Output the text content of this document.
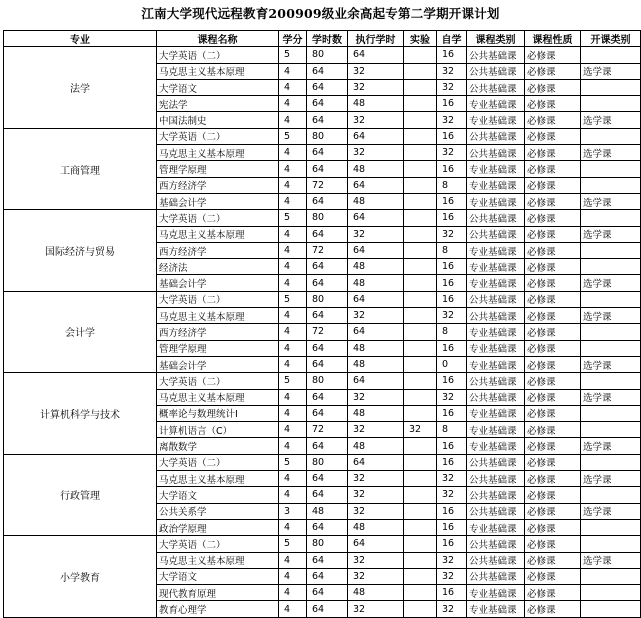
江南大学现代远程教育200909级业余高起专第二学期开课计划
专业	课程名称	学分	学时数	执行学时	实验	自学	课程类别	课程性质	开课类别
法学	大学英语（二）	5	80	64		16	公共基础课	必修课	
	马克思主义基本原理	4	64	32		32	公共基础课	必修课	选学课
	大学语文	4	64	32		32	公共基础课	必修课	
	宪法学	4	64	48		16	专业基础课	必修课	
	中国法制史	4	64	32		32	专业基础课	必修课	选学课
工商管理	大学英语（二）	5	80	64		16	公共基础课	必修课	
	马克思主义基本原理	4	64	32		32	公共基础课	必修课	选学课
	管理学原理	4	64	48		16	专业基础课	必修课	
	西方经济学	4	72	64		8	专业基础课	必修课	
	基础会计学	4	64	48		16	专业基础课	必修课	选学课
国际经济与贸易	大学英语（二）	5	80	64		16	公共基础课	必修课	
	马克思主义基本原理	4	64	32		32	公共基础课	必修课	选学课
	西方经济学	4	72	64		8	专业基础课	必修课	
	经济法	4	64	48		16	专业基础课	必修课	
	基础会计学	4	64	48		16	专业基础课	必修课	选学课
会计学	大学英语（二）	5	80	64		16	公共基础课	必修课	
	马克思主义基本原理	4	64	32		32	公共基础课	必修课	选学课
	西方经济学	4	72	64		8	专业基础课	必修课	
	管理学原理	4	64	48		16	专业基础课	必修课	
	基础会计学	4	64	48		0	专业基础课	必修课	选学课
计算机科学与技术	大学英语（二）	5	80	64		16	公共基础课	必修课	
	马克思主义基本原理	4	64	32		32	公共基础课	必修课	选学课
	概率论与数理统计I	4	64	48		16	专业基础课	必修课	
	计算机语言（C）	4	72	32	32	8	专业基础课	必修课	
	离散数学	4	64	48		16	专业基础课	必修课	选学课
行政管理	大学英语（二）	5	80	64		16	公共基础课	必修课	
	马克思主义基本原理	4	64	32		32	公共基础课	必修课	选学课
	大学语文	4	64	32		32	公共基础课	必修课	
	公共关系学	3	48	32		16	公共基础课	必修课	选学课
	政治学原理	4	64	48		16	专业基础课	必修课	
小学教育	大学英语（二）	5	80	64		16	公共基础课	必修课	
	马克思主义基本原理	4	64	32		32	公共基础课	必修课	选学课
	大学语文	4	64	32		32	公共基础课	必修课	
	现代教育原理	4	64	48		16	专业基础课	必修课	
	教育心理学	4	64	32		32	专业基础课	必修课	
